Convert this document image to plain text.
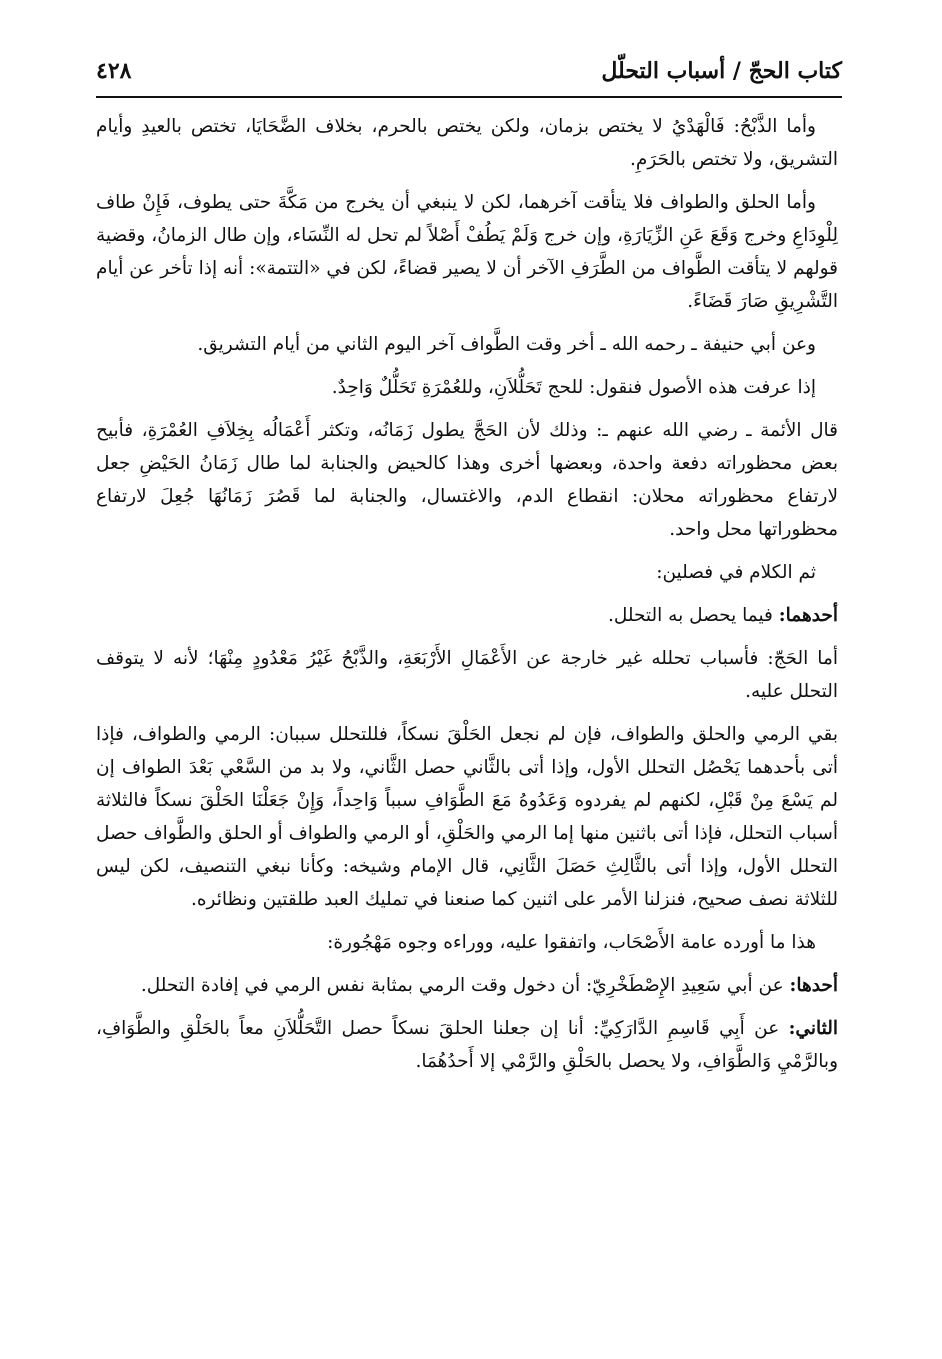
كتاب الحجّ / أسباب التحلّل
٤٢٨

وأما الذَّبْحُ: فَالْهَدْيُ لا يختص بزمان، ولكن يختص بالحرم، بخلاف الضَّحَايَا، تختص بالعيدِ وأيام التشريق، ولا تختص بالحَرَمِ.

وأما الحلق والطواف فلا يتأقت آخرهما، لكن لا ينبغي أن يخرج من مَكَّةَ حتى يطوف، فَإِنْ طاف لِلْوِدَاعِ وخرج وَقَعَ عَنِ الزِّيَارَةِ، وإن خرج وَلَمْ يَطُفْ أَصْلاً لم تحل له النِّسَاء، وإن طال الزمانُ، وقضية قولهم لا يتأقت الطَّواف من الطَّرَفِ الآخر أن لا يصير قضاءً، لكن في «التتمة»: أنه إذا تأخر عن أيام التَّشْرِيقِ صَارَ قَضَاءً.

وعن أبي حنيفة ـ رحمه الله ـ أخر وقت الطَّواف آخر اليوم الثاني من أيام التشريق.

إذا عرفت هذه الأصول فنقول: للحج تَحَلُّلاَنِ، وللعُمْرَةِ تَحَلُّلٌ وَاحِدٌ.

قال الأئمة ـ رضي الله عنهم ـ: وذلك لأن الحَجَّ يطول زَمَانُه، وتكثر أَعْمَالُه بِخِلاَفِ العُمْرَةِ، فأبيح بعض محظوراته دفعة واحدة، وبعضها أخرى وهذا كالحيض والجنابة لما طال زَمَانُ الحَيْضِ جعل لارتفاع محظوراته محلان: انقطاع الدم، والاغتسال، والجنابة لما قَصُرَ زَمَانُهَا جُعِلَ لارتفاع محظوراتها محل واحد.

ثم الكلام في فصلين:

أحدهما: فيما يحصل به التحلل.

أما الحَجّ: فأسباب تحلله غير خارجة عن الأَعْمَالِ الأَرْبَعَةِ، والذَّبْحُ غَيْرُ مَعْدُودٍ مِنْهَا؛ لأنه لا يتوقف التحلل عليه.

بقي الرمي والحلق والطواف، فإن لم نجعل الحَلْقَ نسكاً، فللتحلل سببان: الرمي والطواف، فإذا أتى بأحدهما يَحْصُل التحلل الأول، وإذا أتى بالثَّاني حصل الثَّاني، ولا بد من السَّعْي بَعْدَ الطواف إن لم يَسْعَ مِنْ قَبْلِ، لكنهم لم يفردوه وَعَدُوهُ مَعَ الطَّوَافِ سبباً وَاحِداً، وَإِنْ جَعَلْنَا الحَلْقَ نسكاً فالثلاثة أسباب التحلل، فإذا أتى باثنين منها إما الرمي والحَلْقِ، أو الرمي والطواف أو الحلق والطَّواف حصل التحلل الأول، وإذا أتى بالثَّالِثِ حَصَلَ الثَّانِي، قال الإمام وشيخه: وكأنا نبغي التنصيف، لكن ليس للثلاثة نصف صحيح، فنزلنا الأمر على اثنين كما صنعنا في تمليك العبد طلقتين ونظائره.

هذا ما أورده عامة الأَصْحَاب، واتفقوا عليه، ووراءه وجوه مَهْجُورة:

أحدها: عن أبي سَعِيدِ الإِصْطَخْرِيّ: أن دخول وقت الرمي بمثابة نفس الرمي في إفادة التحلل.

الثاني: عن أَبِي قَاسِمِ الدَّارَكِيِّ: أنا إن جعلنا الحلقَ نسكاً حصل التَّحَلُّلاَنِ معاً بالحَلْقِ والطَّوَافِ، وبالرَّمْيِ وَالطَّوَافِ، ولا يحصل بالحَلْقِ والرَّمْي إلا أَحدُهُمَا.
